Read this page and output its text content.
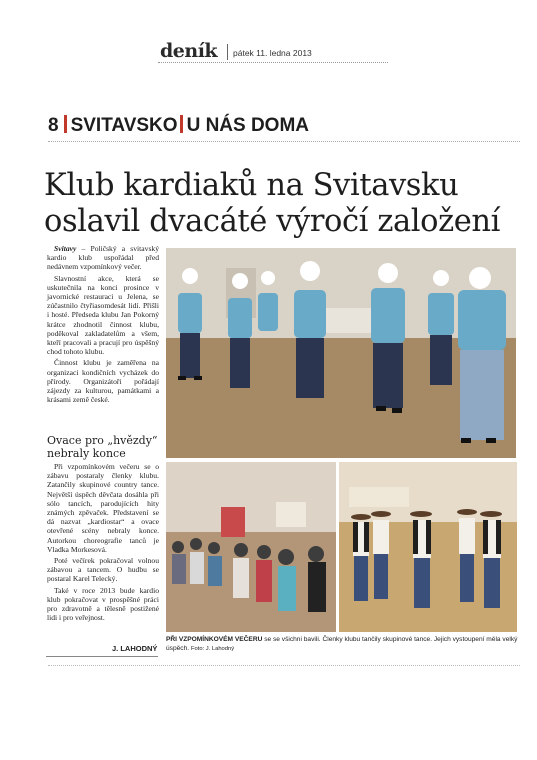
deník pátek 11. ledna 2013
8 SVITAVSKO U NÁS DOMA
Klub kardiaků na Svitavsku oslavil dvacáté výročí založení

Svitavy – Poličský a svitavský kardio klub uspořádal před nedávnem vzpomínkový večer.

Slavnostní akce, která se uskutečnila na konci prosince v javornické restauraci u Jelena, se zúčastnilo čtyřiasomdesát lidí. Přišli i hosté. Předseda klubu Jan Pokorný krátce zhodnotil činnost klubu, poděkoval zakladatelům a všem, kteří pracovali a pracují pro úspěšný chod tohoto klubu.

Činnost klubu je zaměřena na organizaci kondičních vycházek do přírody. Organizátoři pořádají zájezdy za kulturou, památkami a krásami země české.

Ovace pro „hvězdy“ nebraly konce

Při vzpomínkovém večeru se o zábavu postaraly členky klubu. Zatančily skupinové country tance. Největší úspěch děvčata dosáhla při sólo tancích, parodujících hity známých zpěvaček. Představení se dá nazvat „kardiostar“ a ovace otevřené scény nebraly konce. Autorkou choreografie tanců je Vladka Morkesová.

Poté večírek pokračoval volnou zábavou a tancem. O hudbu se postaral Karel Telecký.

Také v roce 2013 bude kardio klub pokračovat v prospěšné práci pro zdravotně a tělesně postižené lidi i pro veřejnost.

J. LAHODNÝ
PŘI VZPOMÍNKOVÉM VEČERU se se všichni bavili. Členky klubu tančily skupinové tance. Jejich vystoupení měla velký úspěch. Foto: J. Lahodný
